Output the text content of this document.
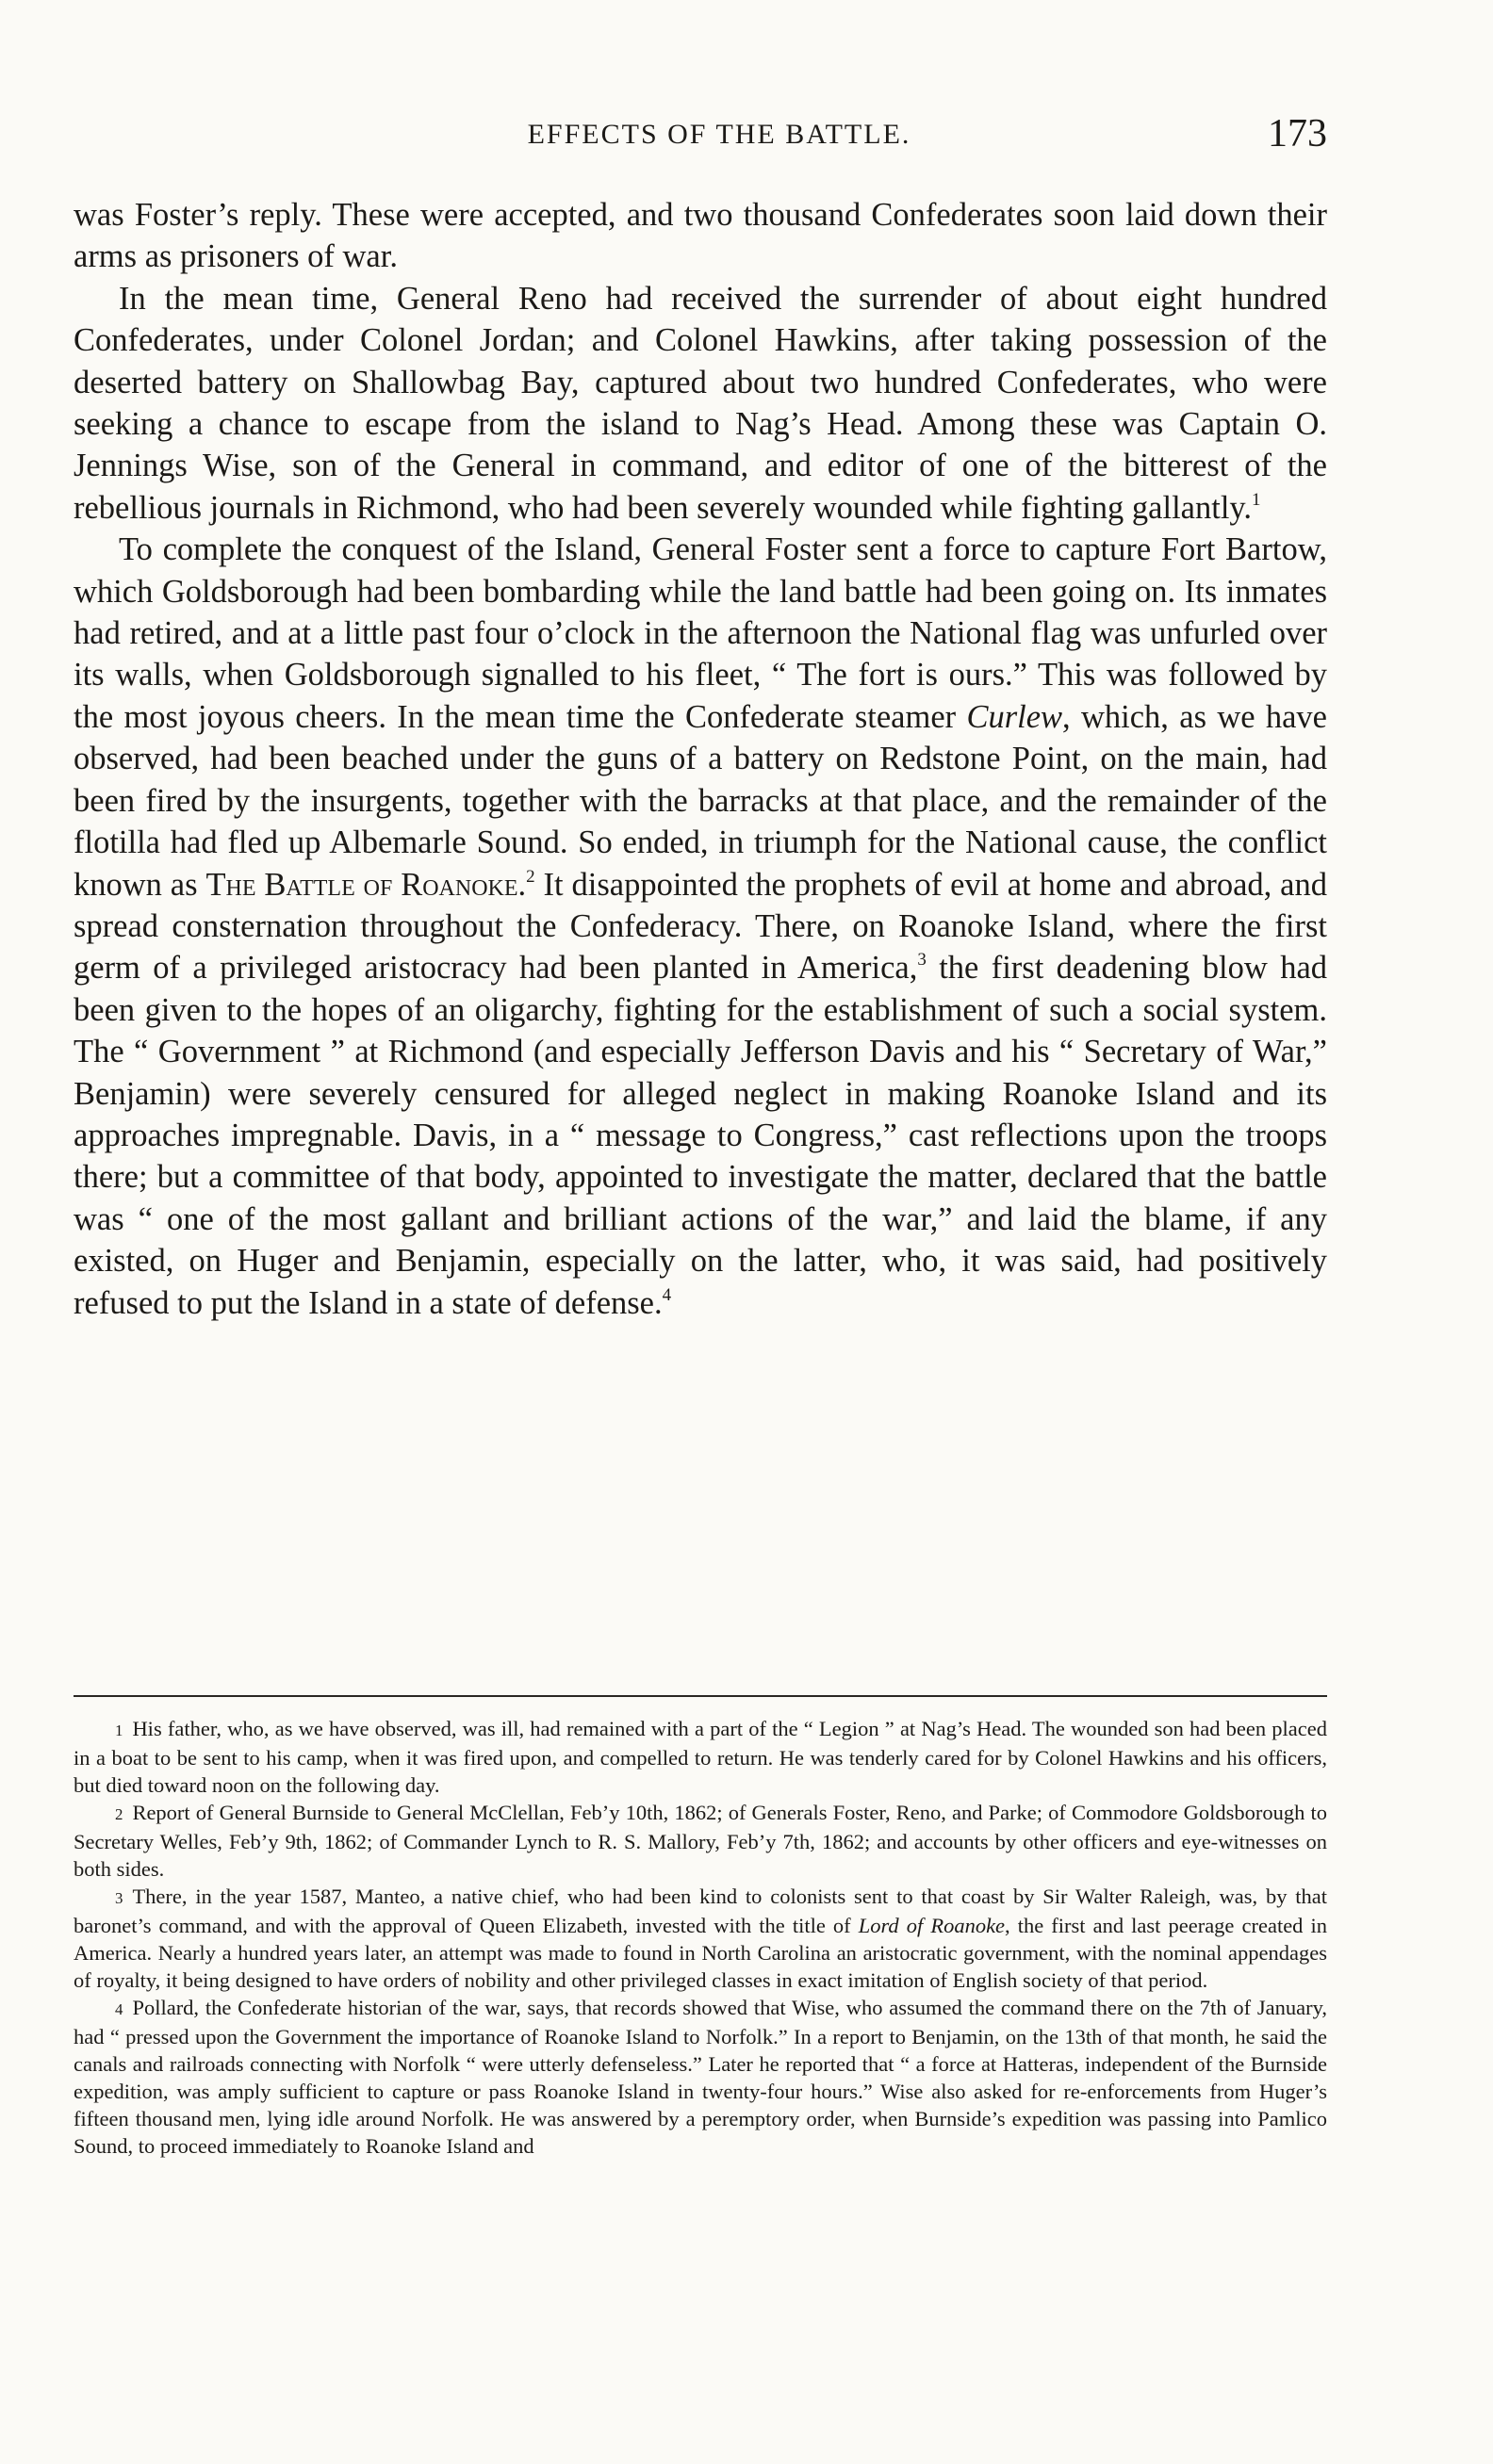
EFFECTS OF THE BATTLE.	173

was Foster’s reply. These were accepted, and two thousand Confederates soon laid down their arms as prisoners of war.

In the mean time, General Reno had received the surrender of about eight hundred Confederates, under Colonel Jordan; and Colonel Hawkins, after taking possession of the deserted battery on Shallowbag Bay, captured about two hundred Confederates, who were seeking a chance to escape from the island to Nag’s Head. Among these was Captain O. Jennings Wise, son of the General in command, and editor of one of the bitterest of the rebellious journals in Richmond, who had been severely wounded while fighting gallantly.$^1$

To complete the conquest of the Island, General Foster sent a force to capture Fort Bartow, which Goldsborough had been bombarding while the land battle had been going on. Its inmates had retired, and at a little past four o’clock in the afternoon the National flag was unfurled over its walls, when Goldsborough signalled to his fleet, “ The fort is ours.” This was followed by the most joyous cheers. In the mean time the Confederate steamer Curlew, which, as we have observed, had been beached under the guns of a battery on Redstone Point, on the main, had been fired by the insurgents, together with the barracks at that place, and the remainder of the flotilla had fled up Albemarle Sound. So ended, in triumph for the National cause, the conflict known as The Battle of Roanoke.$^2$ It disappointed the prophets of evil at home and abroad, and spread consternation throughout the Confederacy. There, on Roanoke Island, where the first germ of a privileged aristocracy had been planted in America,$^3$ the first deadening blow had been given to the hopes of an oligarchy, fighting for the establishment of such a social system. The “ Government ” at Richmond (and especially Jefferson Davis and his “ Secretary of War,” Benjamin) were severely censured for alleged neglect in making Roanoke Island and its approaches impregnable. Davis, in a “ message to Congress,” cast reflections upon the troops there; but a committee of that body, appointed to investigate the matter, declared that the battle was “ one of the most gallant and brilliant actions of the war,” and laid the blame, if any existed, on Huger and Benjamin, especially on the latter, who, it was said, had positively refused to put the Island in a state of defense.$^4$

1 His father, who, as we have observed, was ill, had remained with a part of the “ Legion ” at Nag’s Head. The wounded son had been placed in a boat to be sent to his camp, when it was fired upon, and compelled to return. He was tenderly cared for by Colonel Hawkins and his officers, but died toward noon on the following day.

2 Report of General Burnside to General McClellan, Feb’y 10th, 1862; of Generals Foster, Reno, and Parke; of Commodore Goldsborough to Secretary Welles, Feb’y 9th, 1862; of Commander Lynch to R. S. Mallory, Feb’y 7th, 1862; and accounts by other officers and eye-witnesses on both sides.

3 There, in the year 1587, Manteo, a native chief, who had been kind to colonists sent to that coast by Sir Walter Raleigh, was, by that baronet’s command, and with the approval of Queen Elizabeth, invested with the title of Lord of Roanoke, the first and last peerage created in America. Nearly a hundred years later, an attempt was made to found in North Carolina an aristocratic government, with the nominal appendages of royalty, it being designed to have orders of nobility and other privileged classes in exact imitation of English society of that period.

4 Pollard, the Confederate historian of the war, says, that records showed that Wise, who assumed the command there on the 7th of January, had “ pressed upon the Government the importance of Roanoke Island to Norfolk.” In a report to Benjamin, on the 13th of that month, he said the canals and railroads connecting with Norfolk “ were utterly defenseless.” Later he reported that “ a force at Hatteras, independent of the Burnside expedition, was amply sufficient to capture or pass Roanoke Island in twenty-four hours.” Wise also asked for re-enforcements from Huger’s fifteen thousand men, lying idle around Norfolk. He was answered by a peremptory order, when Burnside’s expedition was passing into Pamlico Sound, to proceed immediately to Roanoke Island and
